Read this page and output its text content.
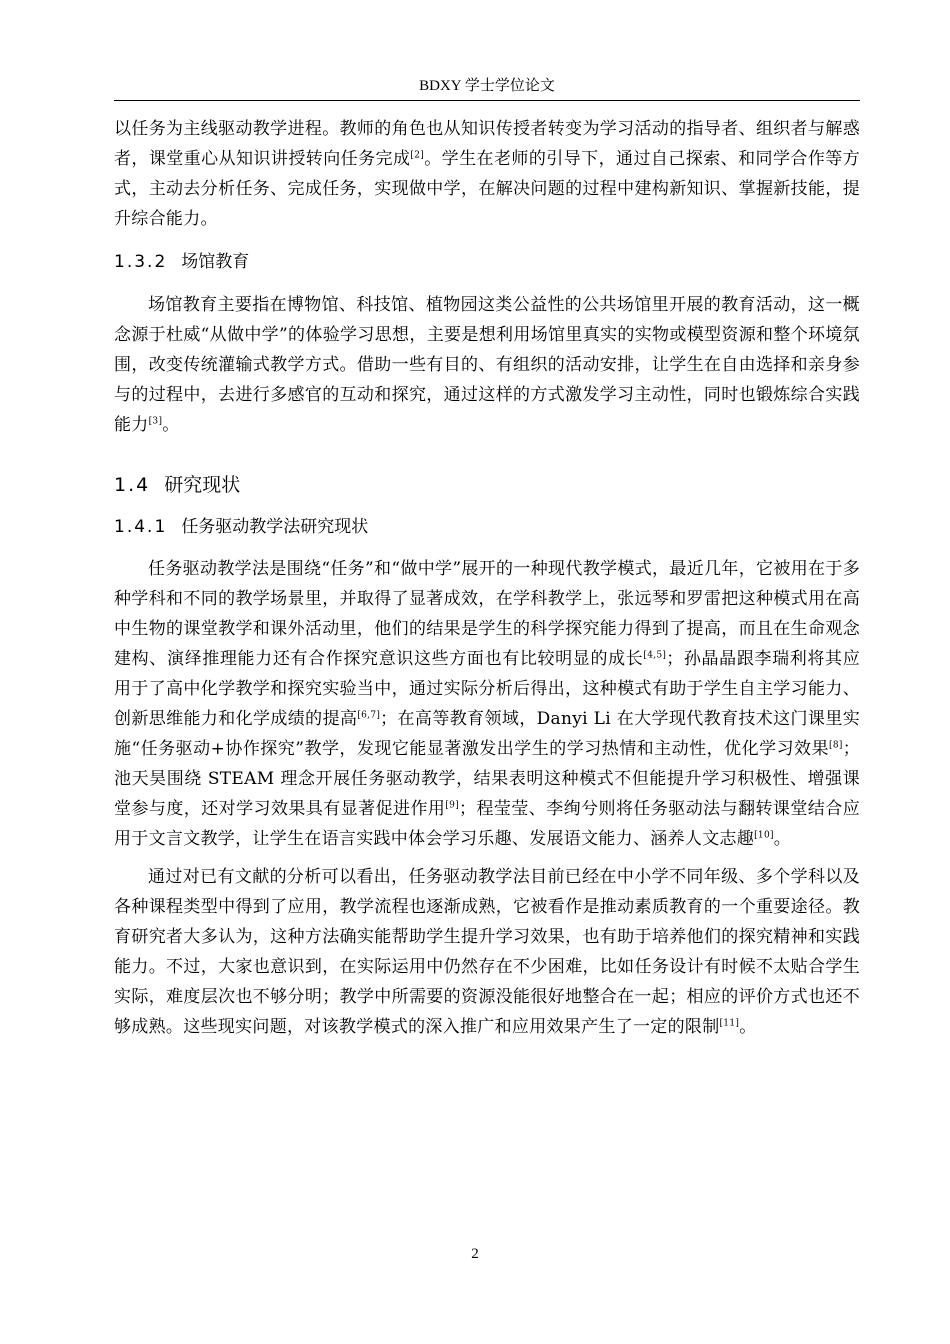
BDXY 学士学位论文

以任务为主线驱动教学进程。教师的角色也从知识传授者转变为学习活动的指导者、组织者与解惑者，课堂重心从知识讲授转向任务完成[2]。学生在老师的引导下，通过自己探索、和同学合作等方式，主动去分析任务、完成任务，实现做中学，在解决问题的过程中建构新知识、掌握新技能，提升综合能力。

1.3.2 场馆教育

场馆教育主要指在博物馆、科技馆、植物园这类公益性的公共场馆里开展的教育活动，这一概念源于杜威“从做中学”的体验学习思想，主要是想利用场馆里真实的实物或模型资源和整个环境氛围，改变传统灌输式教学方式。借助一些有目的、有组织的活动安排，让学生在自由选择和亲身参与的过程中，去进行多感官的互动和探究，通过这样的方式激发学习主动性，同时也锻炼综合实践能力[3]。

1.4 研究现状
1.4.1 任务驱动教学法研究现状

任务驱动教学法是围绕“任务”和“做中学”展开的一种现代教学模式，最近几年，它被用在于多种学科和不同的教学场景里，并取得了显著成效，在学科教学上，张远琴和罗雷把这种模式用在高中生物的课堂教学和课外活动里，他们的结果是学生的科学探究能力得到了提高，而且在生命观念建构、演绎推理能力还有合作探究意识这些方面也有比较明显的成长[4,5]；孙晶晶跟李瑞利将其应用于了高中化学教学和探究实验当中，通过实际分析后得出，这种模式有助于学生自主学习能力、创新思维能力和化学成绩的提高[6,7]；在高等教育领域，Danyi Li 在大学现代教育技术这门课里实施“任务驱动+协作探究”教学，发现它能显著激发出学生的学习热情和主动性，优化学习效果[8]；池天昊围绕 STEAM 理念开展任务驱动教学，结果表明这种模式不但能提升学习积极性、增强课堂参与度，还对学习效果具有显著促进作用[9]；程莹莹、李绚兮则将任务驱动法与翻转课堂结合应用于文言文教学，让学生在语言实践中体会学习乐趣、发展语文能力、涵养人文志趣[10]。

通过对已有文献的分析可以看出，任务驱动教学法目前已经在中小学不同年级、多个学科以及各种课程类型中得到了应用，教学流程也逐渐成熟，它被看作是推动素质教育的一个重要途径。教育研究者大多认为，这种方法确实能帮助学生提升学习效果，也有助于培养他们的探究精神和实践能力。不过，大家也意识到，在实际运用中仍然存在不少困难，比如任务设计有时候不太贴合学生实际，难度层次也不够分明；教学中所需要的资源没能很好地整合在一起；相应的评价方式也还不够成熟。这些现实问题，对该教学模式的深入推广和应用效果产生了一定的限制[11]。

2
